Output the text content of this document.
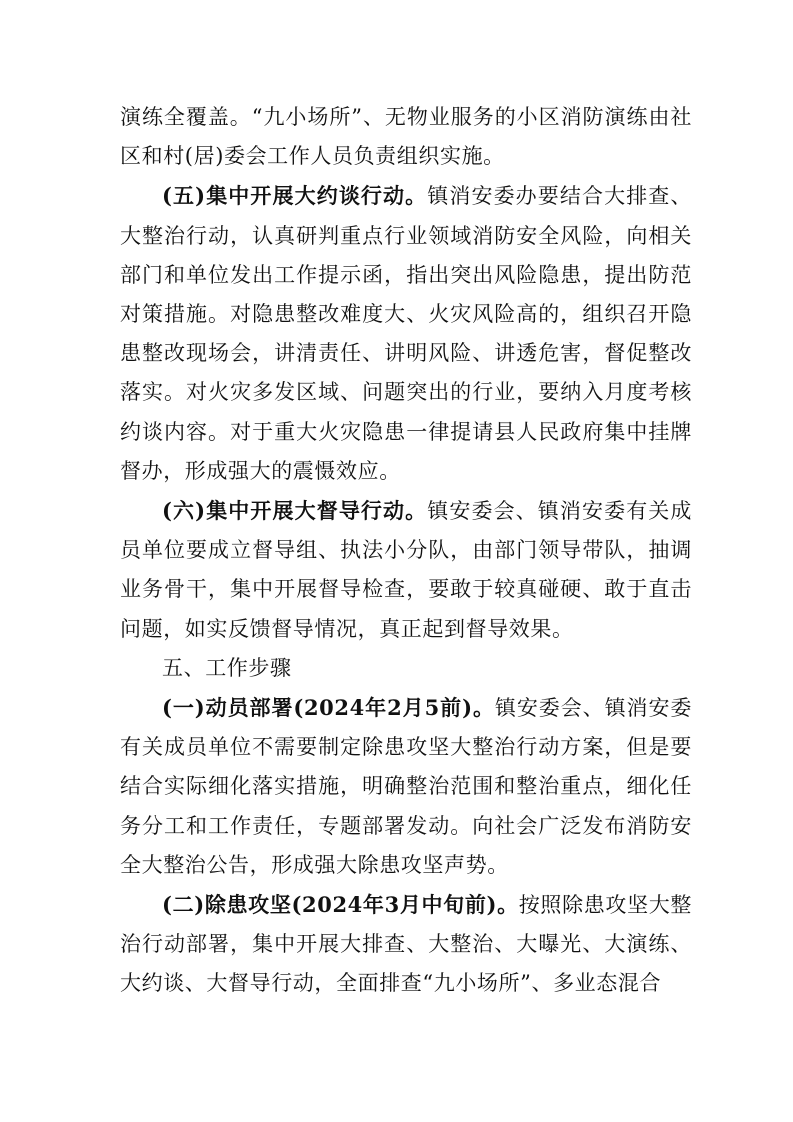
演练全覆盖。“九小场所”、无物业服务的小区消防演练由社区和村(居)委会工作人员负责组织实施。

(五)集中开展大约谈行动。镇消安委办要结合大排查、大整治行动，认真研判重点行业领域消防安全风险，向相关部门和单位发出工作提示函，指出突出风险隐患，提出防范对策措施。对隐患整改难度大、火灾风险高的，组织召开隐患整改现场会，讲清责任、讲明风险、讲透危害，督促整改落实。对火灾多发区域、问题突出的行业，要纳入月度考核约谈内容。对于重大火灾隐患一律提请县人民政府集中挂牌督办，形成强大的震慑效应。

(六)集中开展大督导行动。镇安委会、镇消安委有关成员单位要成立督导组、执法小分队，由部门领导带队，抽调业务骨干，集中开展督导检查，要敢于较真碰硬、敢于直击问题，如实反馈督导情况，真正起到督导效果。

五、工作步骤

(一)动员部署(2024年2月5前)。镇安委会、镇消安委有关成员单位不需要制定除患攻坚大整治行动方案，但是要结合实际细化落实措施，明确整治范围和整治重点，细化任务分工和工作责任，专题部署发动。向社会广泛发布消防安全大整治公告，形成强大除患攻坚声势。

(二)除患攻坚(2024年3月中旬前)。按照除患攻坚大整治行动部署，集中开展大排查、大整治、大曝光、大演练、大约谈、大督导行动，全面排查“九小场所”、多业态混合
